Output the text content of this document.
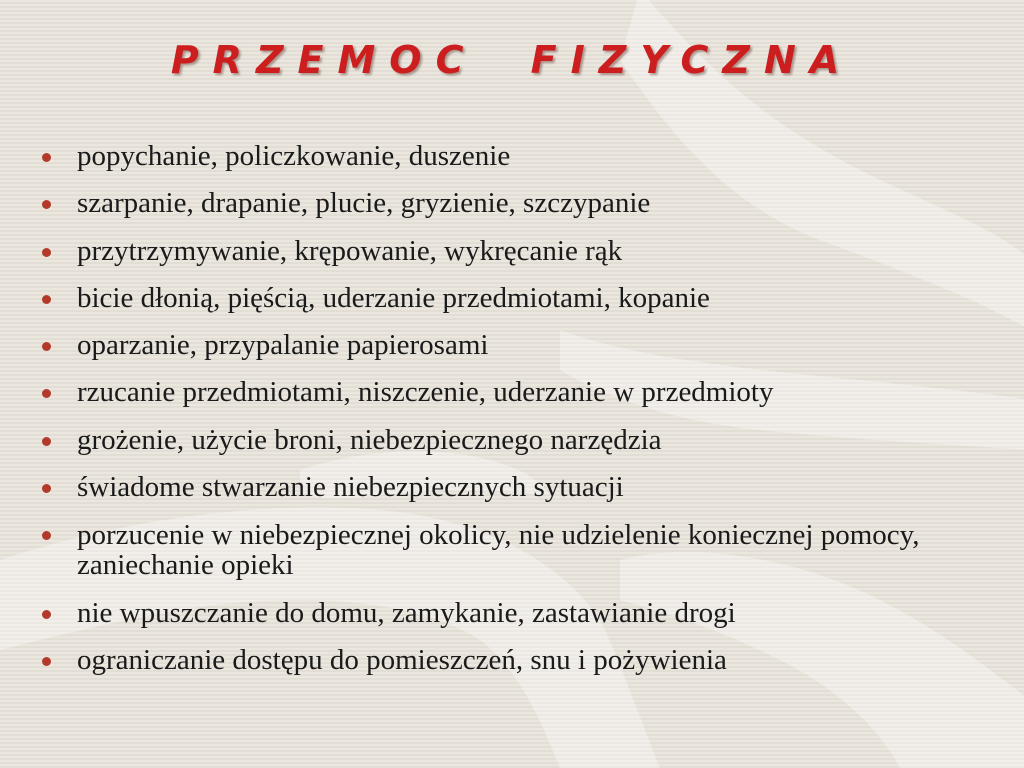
PRZEMOC FIZYCZNA
popychanie, policzkowanie, duszenie
szarpanie, drapanie, plucie, gryzienie, szczypanie
przytrzymywanie, krępowanie, wykręcanie rąk
bicie dłonią, pięścią, uderzanie przedmiotami, kopanie
oparzanie, przypalanie papierosami
rzucanie przedmiotami, niszczenie, uderzanie w przedmioty
grożenie, użycie broni, niebezpiecznego narzędzia
świadome stwarzanie niebezpiecznych sytuacji
porzucenie w niebezpiecznej okolicy, nie udzielenie koniecznej pomocy, zaniechanie opieki
nie wpuszczanie do domu, zamykanie, zastawianie drogi
ograniczanie dostępu do pomieszczeń, snu i pożywienia
